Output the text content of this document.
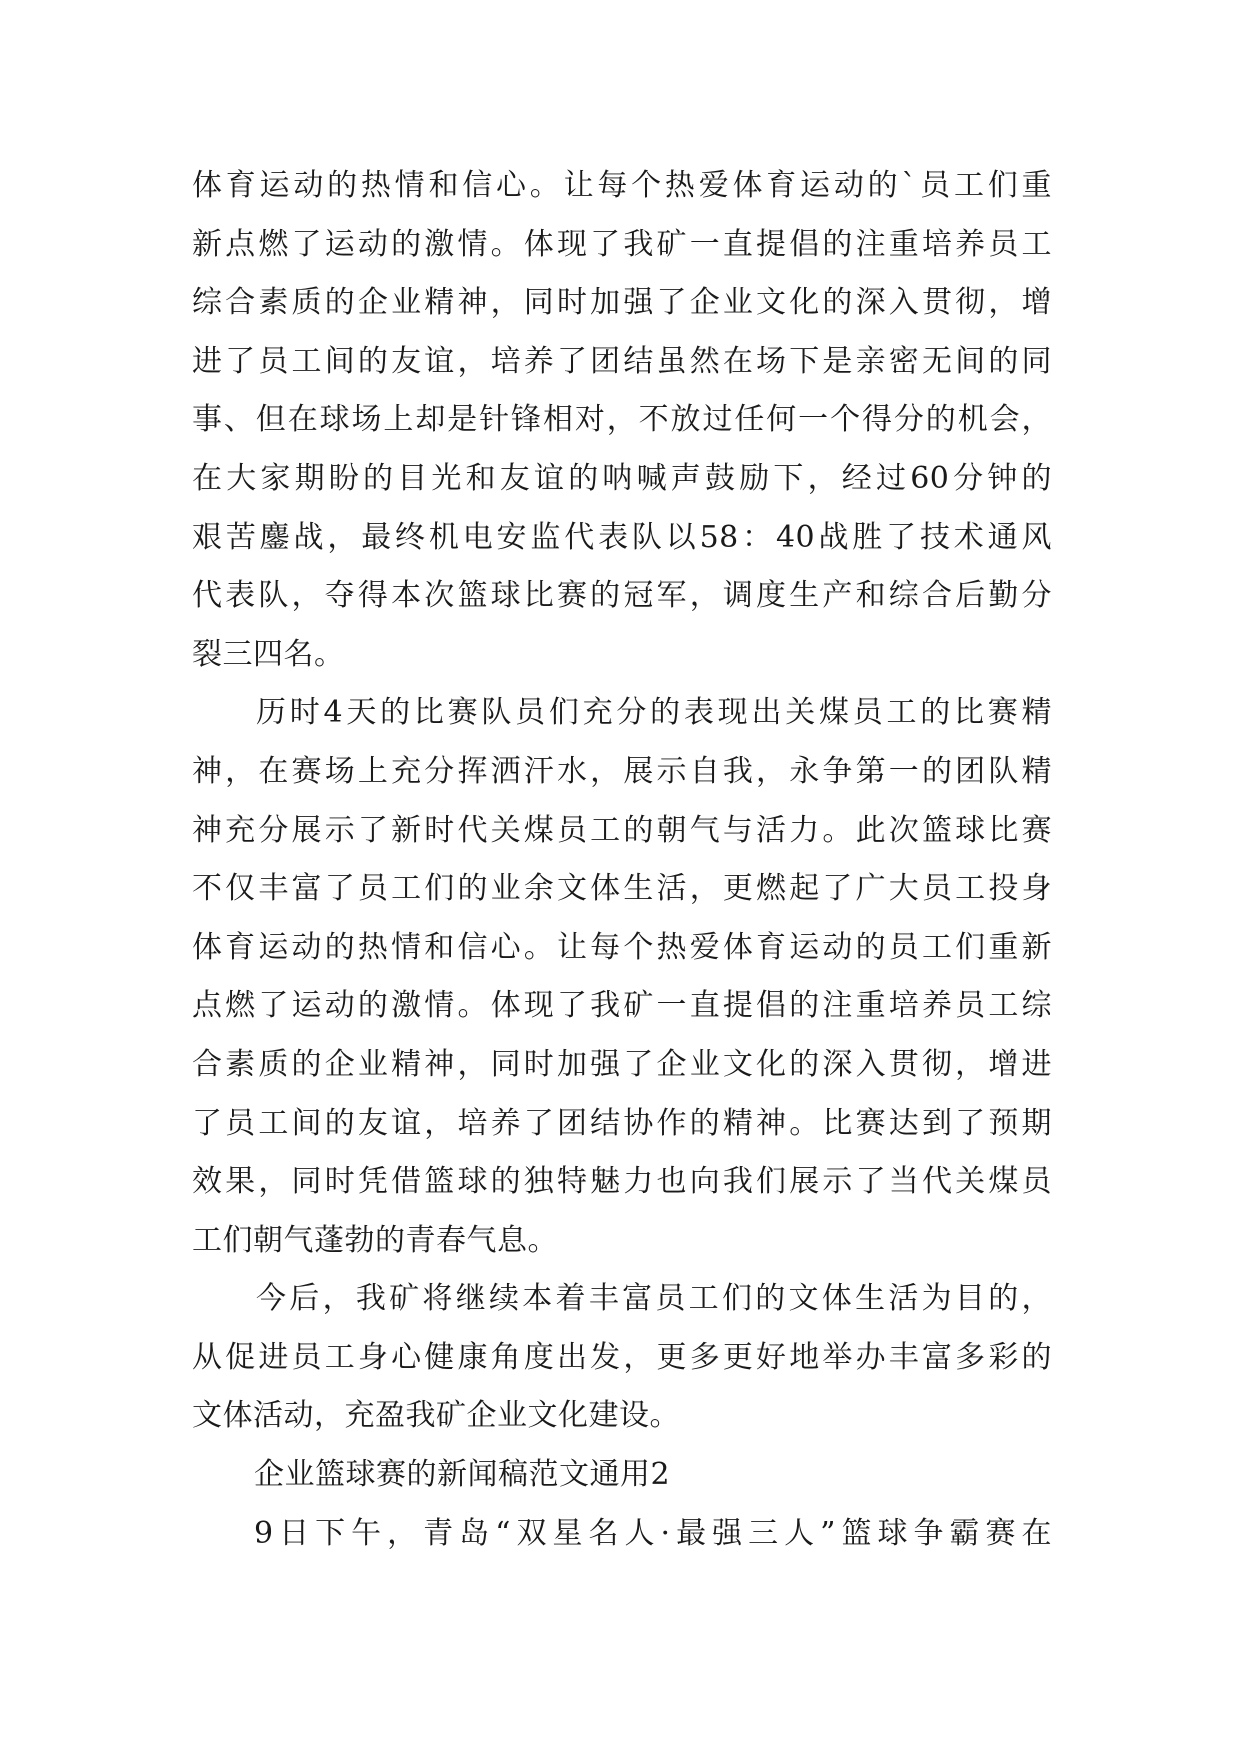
体育运动的热情和信心。让每个热爱体育运动的`员工们重
新点燃了运动的激情。体现了我矿一直提倡的注重培养员工
综合素质的企业精神，同时加强了企业文化的深入贯彻，增
进了员工间的友谊，培养了团结虽然在场下是亲密无间的同
事、但在球场上却是针锋相对，不放过任何一个得分的机会，
在大家期盼的目光和友谊的呐喊声鼓励下，经过60分钟的
艰苦鏖战，最终机电安监代表队以58：40战胜了技术通风
代表队，夺得本次篮球比赛的冠军，调度生产和综合后勤分
裂三四名。
历时4天的比赛队员们充分的表现出关煤员工的比赛精
神，在赛场上充分挥洒汗水，展示自我，永争第一的团队精
神充分展示了新时代关煤员工的朝气与活力。此次篮球比赛
不仅丰富了员工们的业余文体生活，更燃起了广大员工投身
体育运动的热情和信心。让每个热爱体育运动的员工们重新
点燃了运动的激情。体现了我矿一直提倡的注重培养员工综
合素质的企业精神，同时加强了企业文化的深入贯彻，增进
了员工间的友谊，培养了团结协作的精神。比赛达到了预期
效果，同时凭借篮球的独特魅力也向我们展示了当代关煤员
工们朝气蓬勃的青春气息。
今后，我矿将继续本着丰富员工们的文体生活为目的，
从促进员工身心健康角度出发，更多更好地举办丰富多彩的
文体活动，充盈我矿企业文化建设。
企业篮球赛的新闻稿范文通用2
9日下午，青岛“双星名人·最强三人”篮球争霸赛在
